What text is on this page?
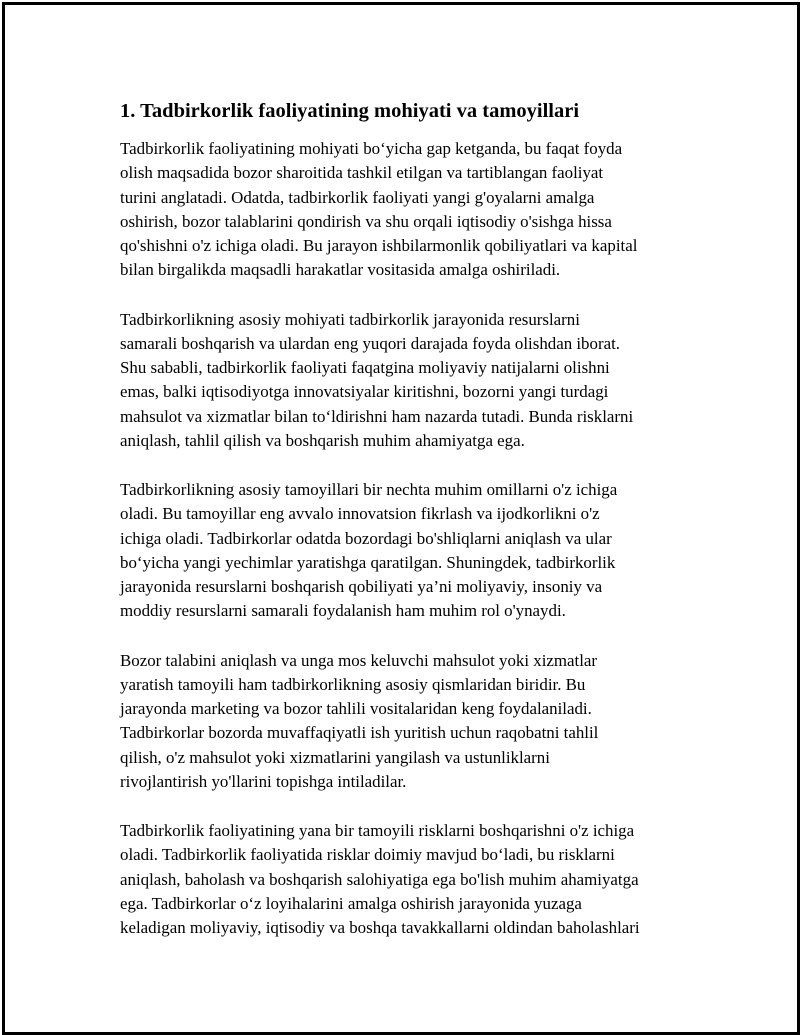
1. Tadbirkorlik faoliyatining mohiyati va tamoyillari

Tadbirkorlik faoliyatining mohiyati bo‘yicha gap ketganda, bu faqat foyda
olish maqsadida bozor sharoitida tashkil etilgan va tartiblangan faoliyat
turini anglatadi. Odatda, tadbirkorlik faoliyati yangi g'oyalarni amalga
oshirish, bozor talablarini qondirish va shu orqali iqtisodiy o'sishga hissa
qo'shishni o'z ichiga oladi. Bu jarayon ishbilarmonlik qobiliyatlari va kapital
bilan birgalikda maqsadli harakatlar vositasida amalga oshiriladi.

Tadbirkorlikning asosiy mohiyati tadbirkorlik jarayonida resurslarni
samarali boshqarish va ulardan eng yuqori darajada foyda olishdan iborat.
Shu sababli, tadbirkorlik faoliyati faqatgina moliyaviy natijalarni olishni
emas, balki iqtisodiyotga innovatsiyalar kiritishni, bozorni yangi turdagi
mahsulot va xizmatlar bilan to‘ldirishni ham nazarda tutadi. Bunda risklarni
aniqlash, tahlil qilish va boshqarish muhim ahamiyatga ega.

Tadbirkorlikning asosiy tamoyillari bir nechta muhim omillarni o'z ichiga
oladi. Bu tamoyillar eng avvalo innovatsion fikrlash va ijodkorlikni o'z
ichiga oladi. Tadbirkorlar odatda bozordagi bo'shliqlarni aniqlash va ular
bo‘yicha yangi yechimlar yaratishga qaratilgan. Shuningdek, tadbirkorlik
jarayonida resurslarni boshqarish qobiliyati ya’ni moliyaviy, insoniy va
moddiy resurslarni samarali foydalanish ham muhim rol o'ynaydi.

Bozor talabini aniqlash va unga mos keluvchi mahsulot yoki xizmatlar
yaratish tamoyili ham tadbirkorlikning asosiy qismlaridan biridir. Bu
jarayonda marketing va bozor tahlili vositalaridan keng foydalaniladi.
Tadbirkorlar bozorda muvaffaqiyatli ish yuritish uchun raqobatni tahlil
qilish, o'z mahsulot yoki xizmatlarini yangilash va ustunliklarni
rivojlantirish yo'llarini topishga intiladilar.

Tadbirkorlik faoliyatining yana bir tamoyili risklarni boshqarishni o'z ichiga
oladi. Tadbirkorlik faoliyatida risklar doimiy mavjud bo‘ladi, bu risklarni
aniqlash, baholash va boshqarish salohiyatiga ega bo'lish muhim ahamiyatga
ega. Tadbirkorlar o‘z loyihalarini amalga oshirish jarayonida yuzaga
keladigan moliyaviy, iqtisodiy va boshqa tavakkallarni oldindan baholashlari
